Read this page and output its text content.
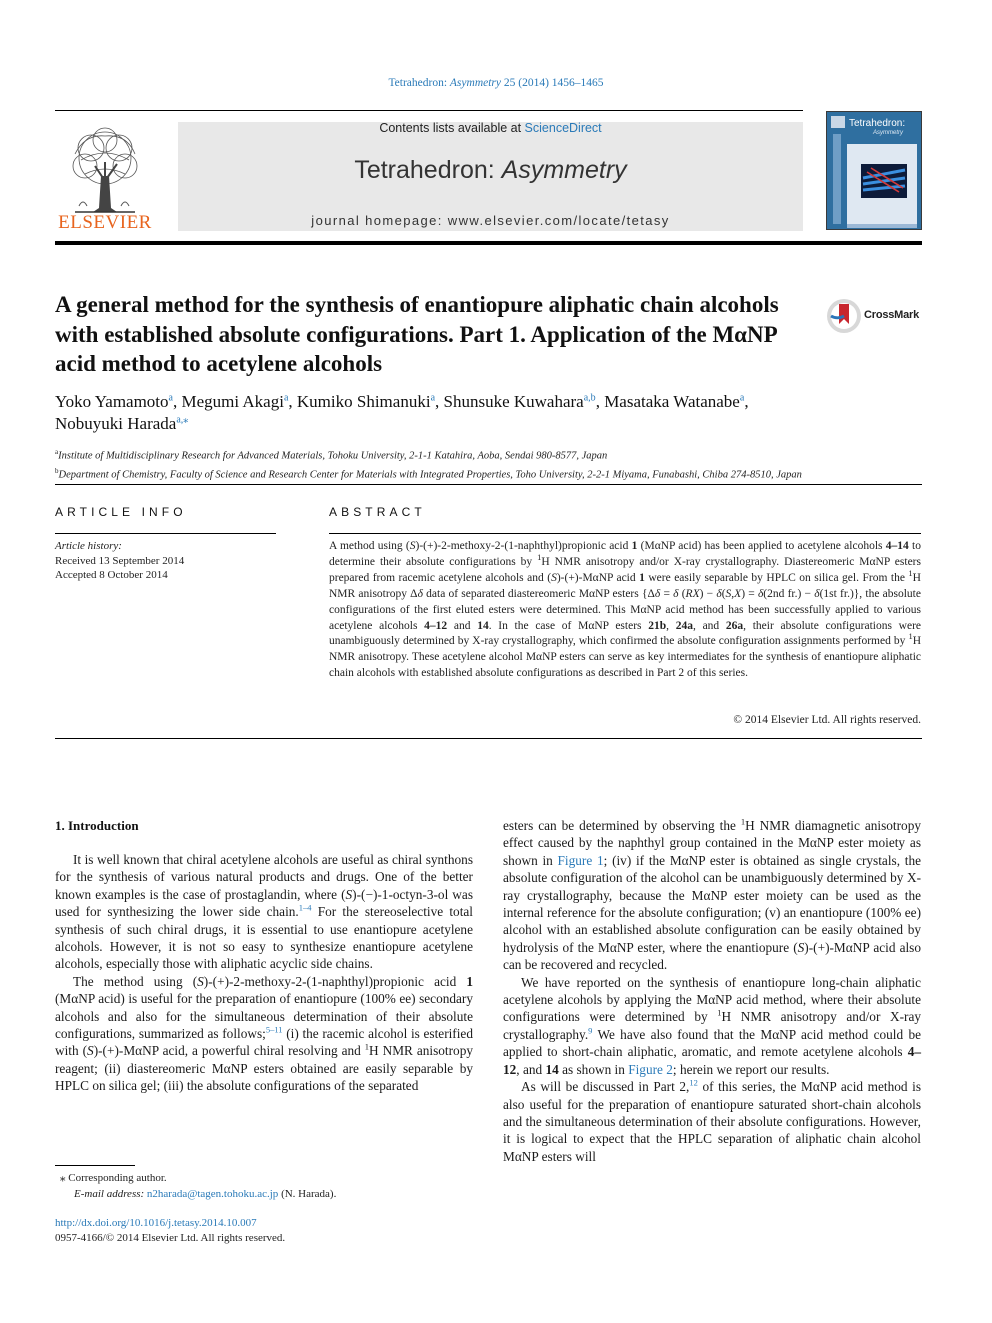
Tetrahedron: Asymmetry 25 (2014) 1456–1465
ELSEVIER
Contents lists available at ScienceDirect
Tetrahedron: Asymmetry
journal homepage: www.elsevier.com/locate/tetasy
Tetrahedron:
Asymmetry
A general method for the synthesis of enantiopure aliphatic chain alcohols with established absolute configurations. Part 1. Application of the MαNP acid method to acetylene alcohols
CrossMark
Yoko Yamamoto$^a$, Megumi Akagi$^a$, Kumiko Shimanuki$^a$, Shunsuke Kuwahara$^{a,b}$, Masataka Watanabe$^a$,
Nobuyuki Harada$^{a,⁎}$
$^a$Institute of Multidisciplinary Research for Advanced Materials, Tohoku University, 2-1-1 Katahira, Aoba, Sendai 980-8577, Japan
$^b$Department of Chemistry, Faculty of Science and Research Center for Materials with Integrated Properties, Toho University, 2-2-1 Miyama, Funabashi, Chiba 274-8510, Japan
ARTICLE INFO	ABSTRACT
Article history:
Received 13 September 2014
Accepted 8 October 2014
A method using (S)-(+)-2-methoxy-2-(1-naphthyl)propionic acid 1 (MαNP acid) has been applied to acetylene alcohols 4–14 to determine their absolute configurations by $^1$H NMR anisotropy and/or X-ray crystallography. Diastereomeric MαNP esters prepared from racemic acetylene alcohols and (S)-(+)-MαNP acid 1 were easily separable by HPLC on silica gel. From the $^1$H NMR anisotropy Δδ data of separated diastereomeric MαNP esters {Δδ = δ (RX) − δ(S,X) = δ(2nd fr.) − δ(1st fr.)}, the absolute configurations of the first eluted esters were determined. This MαNP acid method has been successfully applied to various acetylene alcohols 4–12 and 14. In the case of MαNP esters 21b, 24a, and 26a, their absolute configurations were unambiguously determined by X-ray crystallography, which confirmed the absolute configuration assignments performed by $^1$H NMR anisotropy. These acetylene alcohol MαNP esters can serve as key intermediates for the synthesis of enantiopure aliphatic chain alcohols with established absolute configurations as described in Part 2 of this series.
© 2014 Elsevier Ltd. All rights reserved.
1. Introduction

It is well known that chiral acetylene alcohols are useful as chiral synthons for the synthesis of various natural products and drugs. One of the better known examples is the case of prostaglandin, where (S)-(−)-1-octyn-3-ol was used for synthesizing the lower side chain.$^{1-4}$ For the stereoselective total synthesis of such chiral drugs, it is essential to use enantiopure acetylene alcohols. However, it is not so easy to synthesize enantiopure acetylene alcohols, especially those with aliphatic acyclic side chains.

The method using (S)-(+)-2-methoxy-2-(1-naphthyl)propionic acid 1 (MαNP acid) is useful for the preparation of enantiopure (100% ee) secondary alcohols and also for the simultaneous determination of their absolute configurations, summarized as follows;$^{5-11}$ (i) the racemic alcohol is esterified with (S)-(+)-MαNP acid, a powerful chiral resolving and $^1$H NMR anisotropy reagent; (ii) diastereomeric MαNP esters obtained are easily separable by HPLC on silica gel; (iii) the absolute configurations of the separated

esters can be determined by observing the $^1$H NMR diamagnetic anisotropy effect caused by the naphthyl group contained in the MαNP ester moiety as shown in Figure 1; (iv) if the MαNP ester is obtained as single crystals, the absolute configuration of the alcohol can be unambiguously determined by X-ray crystallography, because the MαNP ester moiety can be used as the internal reference for the absolute configuration; (v) an enantiopure (100% ee) alcohol with an established absolute configuration can be easily obtained by hydrolysis of the MαNP ester, where the enantiopure (S)-(+)-MαNP acid also can be recovered and recycled.

We have reported on the synthesis of enantiopure long-chain aliphatic acetylene alcohols by applying the MαNP acid method, where their absolute configurations were determined by $^1$H NMR anisotropy and/or X-ray crystallography.$^9$ We have also found that the MαNP acid method could be applied to short-chain aliphatic, aromatic, and remote acetylene alcohols 4–12, and 14 as shown in Figure 2; herein we report our results.

As will be discussed in Part 2,12 of this series, the MαNP acid method is also useful for the preparation of enantiopure saturated short-chain alcohols and the simultaneous determination of their absolute configurations. However, it is logical to expect that the HPLC separation of aliphatic chain alcohol MαNP esters will

⁎ Corresponding author.
E-mail address: n2harada@tagen.tohoku.ac.jp (N. Harada).
http://dx.doi.org/10.1016/j.tetasy.2014.10.007
0957-4166/© 2014 Elsevier Ltd. All rights reserved.
